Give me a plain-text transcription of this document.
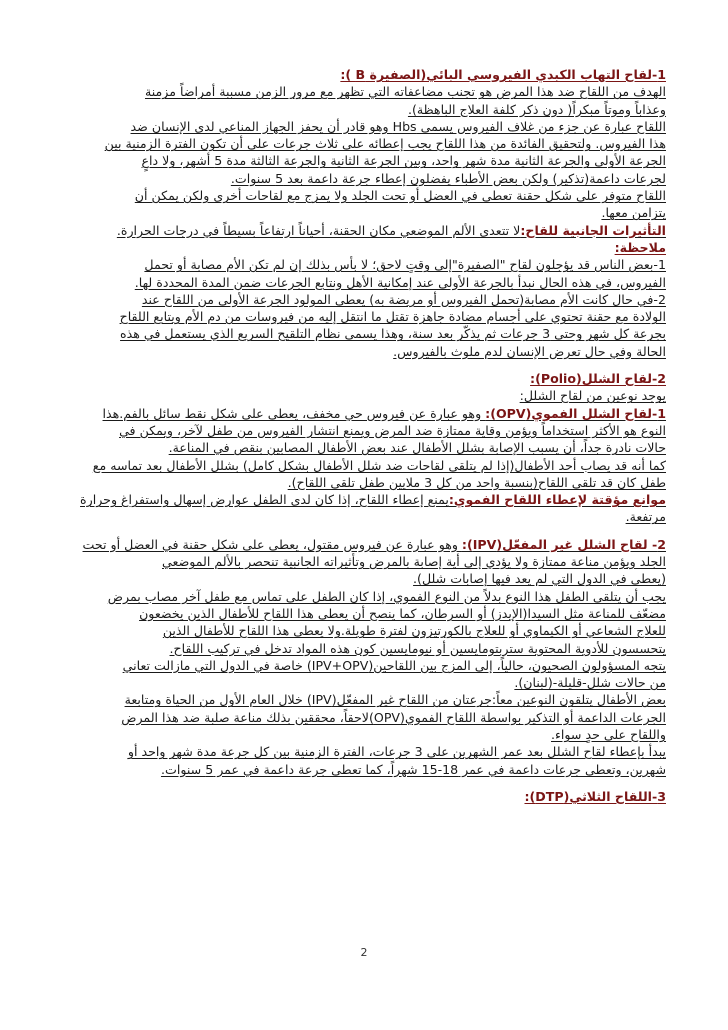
1-لقاح التهاب الكبدي الفيروسي البائي(الصفيرة B ):
الهدف من اللقاح ضد هذا المرض هو تجنب مضاعفاته التي تظهر مع مرور الزمن مسببة أمراضاً مزمنة
وعذاباً وموتاً مبكراً( دون ذكر كلفة العلاج الباهظة).
اللقاح عبارة عن جزء من غلاف الفيروس يسمى Hbs وهو قادر أن يحفز الجهاز المناعي لدى الإنسان ضد
هذا الفيروس. ولتحقيق الفائدة من هذا اللقاح يجب إعطائه على ثلاث جرعات على أن تكون الفترة الزمنية بين
الجرعة الأولى والجرعة الثانية مدة شهر واحد، وبين الجرعة الثانية والجرعة الثالثة مدة 5 أشهر، ولا داعٍ
لجرعات داعمة(تذكير) ولكن بعض الأطباء يفضلون إعطاء جرعة داعمة بعد 5 سنوات.
اللقاح متوفر على شكل حقنة تعطى في العضل أو تحت الجلد ولا يمزج مع لقاحات أخرى ولكن يمكن أن
يتزامن معها.
التأثيرات الجانبية للقاح:لا تتعدى الألم الموضعي مكان الحقنة، أحياناً ارتفاعاً بسيطاً في درجات الحرارة.
ملاحظة:
1-بعض الناس قد يؤجلون لقاح "الصفيرة"إلى وقتٍ لاحق؛ لا بأس بذلك إن لم تكن الأم مصابة أو تحمل
الفيروس، في هذه الحال نبدأ بالجرعة الأولى عند إمكانية الأهل ونتابع الجرعات ضمن المدة المحددة لها.
2-في حال كانت الأم مصابة(تحمل الفيروس أو مريضة به) يعطى المولود الجرعة الأولى من اللقاح عند
الولادة مع حقنة تحتوي على أجسام مضادة جاهزة تقتل ما انتقل إليه من فيروسات من دم الأم ويتابع اللقاح
بجرعة كل شهر وحتى 3 جرعات ثم يذكّر بعد سنة، وهذا يسمى نظام التلقيح السريع الذي يستعمل في هذه
الحالة وفي حال تعرض الإنسان لدم ملوث بالفيروس.
2-لقاح الشلل(Polio):
يوجد نوعين من لقاح الشلل:
1-لقاح الشلل الفموي(OPV): وهو عبارة عن فيروس حي مخفف، يعطى على شكل نقط سائل بالفم.هذا
النوع هو الأكثر استخداماً ويؤمن وقاية ممتازة ضد المرض ويمنع انتشار الفيروس من طفل لآخر، ويمكن في
حالات نادرة جداً، أن يسبب الإصابة بشلل الأطفال عند بعض الأطفال المصابين بنقص في المناعة.
كما أنه قد يصاب أحد الأطفال(إذا لم يتلقى لقاحات ضد شلل الأطفال بشكل كامل) بشلل الأطفال بعد تماسه مع
طفل كان قد تلقى اللقاح(بنسبة واحد من كل 3 ملايين طفل تلقى اللقاح).
موانع مؤقتة لإعطاء اللقاح الفموي:يمنع إعطاء اللقاح، إذا كان لدى الطفل عوارض إسهال واستفراغ وحرارة
مرتفعة.
2- لقاح الشلل غير المفعّل(IPV): وهو عبارة عن فيروس مقتول، يعطى على شكل حقنة في العضل أو تحت
الجلد ويؤمن مناعة ممتازة ولا يؤدي إلى أية إصابة بالمرض وتأثيراته الجانبية تنحصر بالألم الموضعي
(يعطى في الدول التي لم يعد فيها إصابات شلل).
يجب أن يتلقى الطفل هذا النوع بدلاً من النوع الفموي، إذا كان الطفل على تماس مع طفل آخر مصاب بمرض
مضعّف للمناعة مثل السيدا(الإيدز) أو السرطان، كما ينصح أن يعطى هذا اللقاح للأطفال الذين يخضعون
للعلاج الشعاعي أو الكيماوي أو للعلاج بالكورتيزون لفترة طويلة.ولا يعطى هذا اللقاح للأطفال الذين
يتحسسون للأدوية المحتوية ستربتومايسين أو نيومايسين كون هذه المواد تدخل في تركيب اللقاح.
يتجه المسؤولون الصحيون، حالياً، إلى المزج بين اللقاحين(IPV+OPV) خاصة في الدول التي مازالت تعاني
من حالات شلل-قليلة-(لبنان).
بعض الأطفال يتلقون النوعين معاً:جرعتان من اللقاح غير المفعّل(IPV) خلال العام الأول من الحياة ومتابعة
الجرعات الداعمة أو التذكير بواسطة اللقاح الفموي(OPV)لاحقاً، محققين بذلك مناعة صلبة ضد هذا المرض
واللقاح على حدٍ سواء.
يبدأ بإعطاء لقاح الشلل بعد عمر الشهرين على 3 جرعات، الفترة الزمنية بين كل جرعة مدة شهر واحد أو
شهرين، وتعطى جرعات داعمة في عمر 18-15 شهراً، كما تعطى جرعة داعمة في عمر 5 سنوات.
3-اللقاح الثلاثي(DTP):
2
